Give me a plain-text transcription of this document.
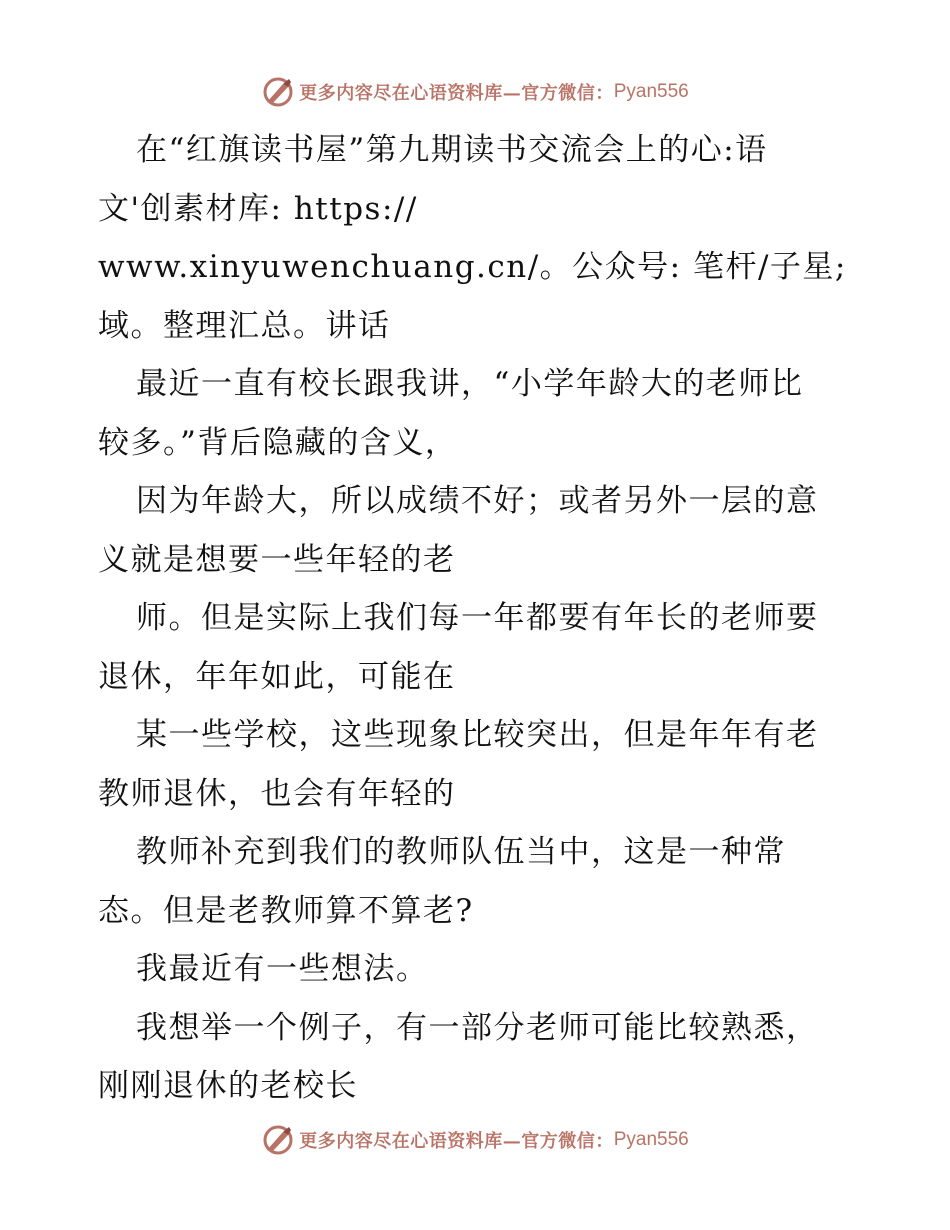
更多内容尽在心语资料库—官方微信： Pyan556
在“红旗读书屋”第九期读书交流会上的心:语
文'创素材库: https://
www.xinyuwenchuang.cn/。公众号: 笔杆/子星;
域。整理汇总。讲话
最近一直有校长跟我讲，“小学年龄大的老师比
较多。”背后隐藏的含义，
因为年龄大，所以成绩不好；或者另外一层的意
义就是想要一些年轻的老
师。但是实际上我们每一年都要有年长的老师要
退休，年年如此，可能在
某一些学校，这些现象比较突出，但是年年有老
教师退休，也会有年轻的
教师补充到我们的教师队伍当中，这是一种常
态。但是老教师算不算老?
我最近有一些想法。
我想举一个例子，有一部分老师可能比较熟悉，
刚刚退休的老校长
更多内容尽在心语资料库—官方微信： Pyan556
